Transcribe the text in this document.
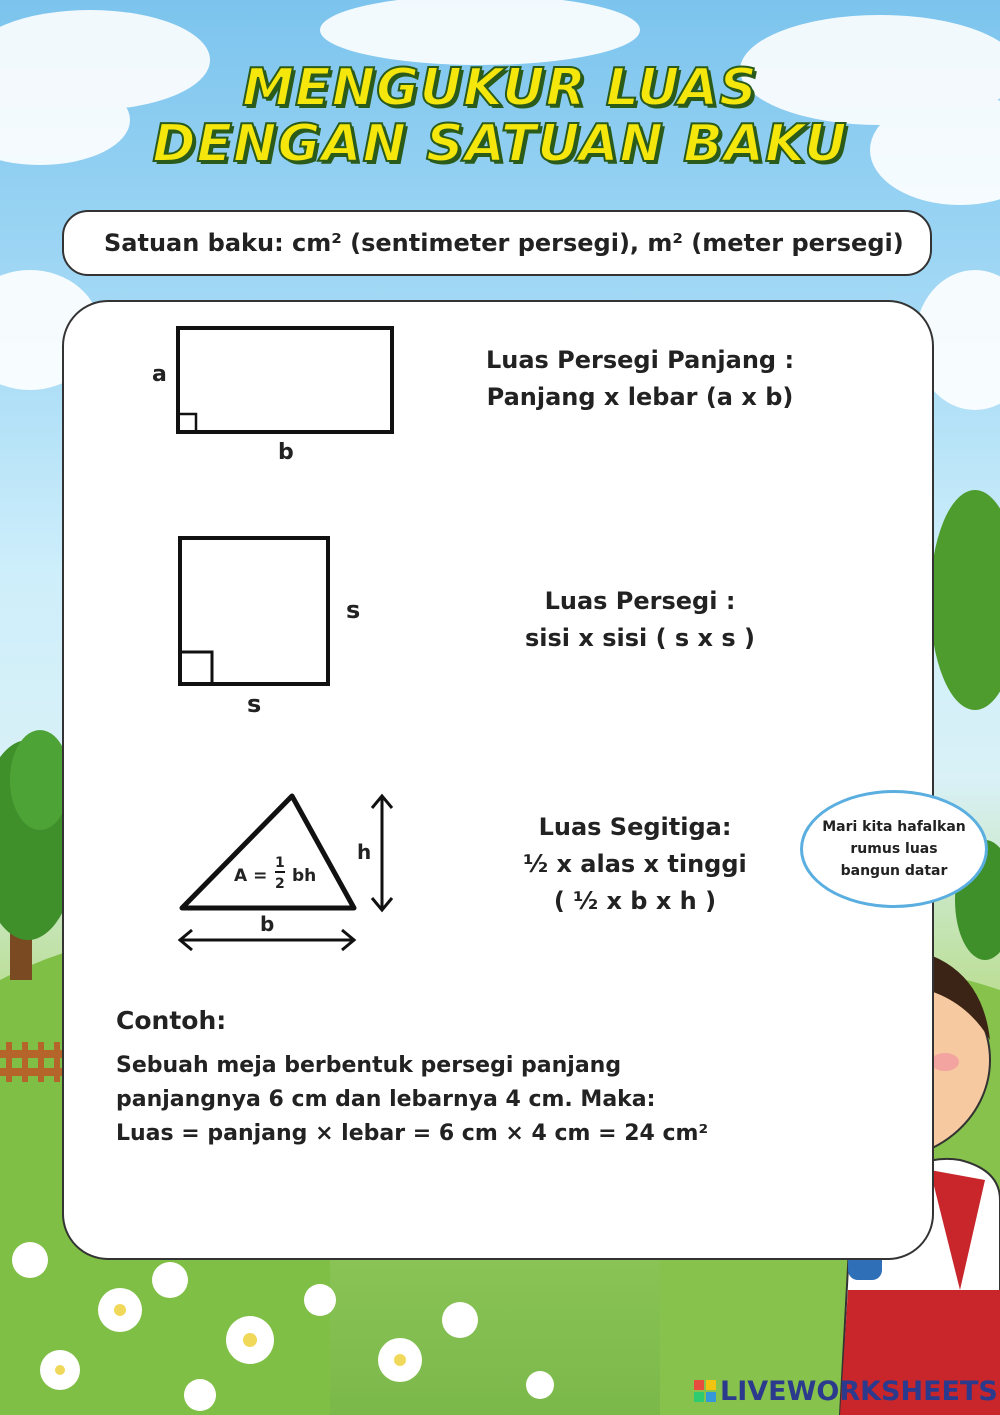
MENGUKUR LUAS
DENGAN SATUAN BAKU
Satuan baku: cm² (sentimeter persegi), m² (meter persegi)
a
b
Luas Persegi Panjang :
Panjang x lebar (a x b)
s
s
Luas Persegi :
sisi x sisi ( s x s )
A =
1
2 bh
h
b
Luas Segitiga:
½ x alas x tinggi
( ½ x b x h )
Contoh:
Sebuah meja berbentuk persegi panjang
panjangnya 6 cm dan lebarnya 4 cm. Maka:
Luas = panjang × lebar = 6 cm × 4 cm = 24 cm²
Mari kita hafalkan rumus luas bangun datar
LIVEWORKSHEETS
